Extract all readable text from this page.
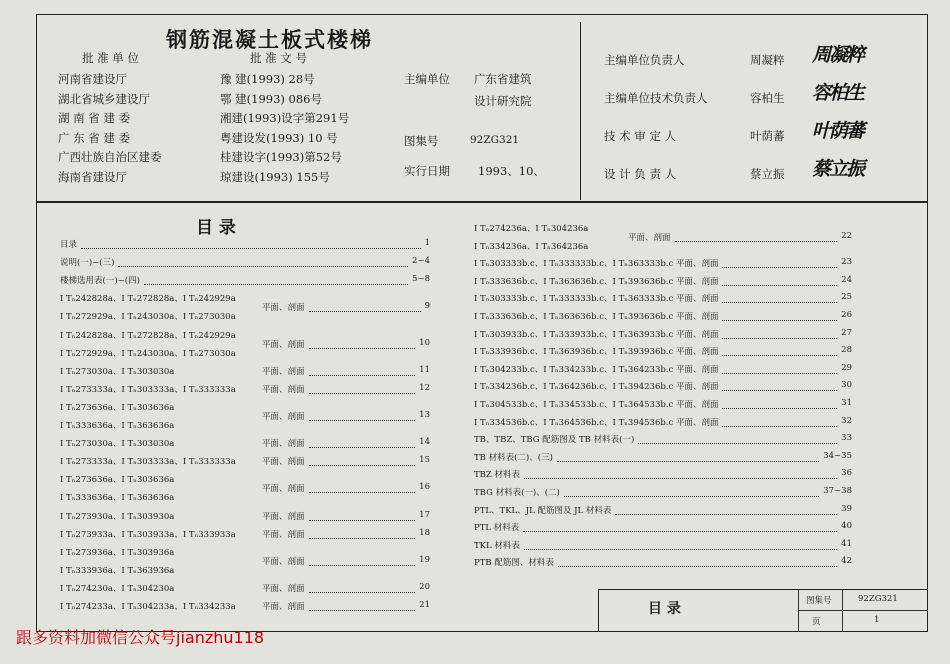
钢筋混凝土板式楼梯
批 准 单 位	批 准 文 号
河南省建设厅	豫 建(1993) 28号
湖北省城乡建设厅	鄂 建(1993) 086号
湖 南 省 建 委	湘建(1993)设字第291号
广 东 省 建 委	粤建设发(1993) 10 号
广西壮族自治区建委	桂建设字(1993)第52号
海南省建设厅	琼建设(1993) 155号
主编单位 广东省建筑
设计研究院
图集号	92ZG321
实行日期 1993、10、
主编单位负责人	周凝粹 周凝粹
主编单位技术负责人	容柏生 容柏生
技 术 审 定 人	叶荫蕃 叶荫蕃
设 计 负 责 人	蔡立振 蔡立振
目 录
目录	1
说明(一)~(三)	2~4
楼梯选用表(一)~(四)	5~8
I Tₙ242828a、I Tₙ272828a、I Tₙ242929a
I Tₙ272929a、I Tₙ243030a、I Tₙ273030a
平面、剖面	9
I Tₙ242828a、I Tₙ272828a、I Tₙ242929a
I Tₙ272929a、I Tₙ243030a、I Tₙ273030a
平面、剖面	10
I Tₙ273030a、I Tₙ303030a	平面、剖面	11
I Tₙ273333a、I Tₙ303333a、I Tₙ333333a	平面、剖面	12
I Tₙ273636a、I Tₙ303636a
I Tₙ333636a、I Tₙ363636a
平面、剖面	13
I Tₙ273030a、I Tₙ303030a	平面、剖面	14
I Tₙ273333a、I Tₙ303333a、I Tₙ333333a	平面、剖面	15
I Tₙ273636a、I Tₙ303636a
I Tₙ333636a、I Tₙ363636a
平面、剖面	16
I Tₙ273930a、I Tₙ303930a	平面、剖面	17
I Tₙ273933a、I Tₙ303933a、I Tₙ333933a	平面、剖面	18
I Tₙ273936a、I Tₙ303936a
I Tₙ333936a、I Tₙ363936a
平面、剖面	19
I Tₙ274230a、I Tₙ304230a	平面、剖面	20
I Tₙ274233a、I Tₙ304233a、I Tₙ334233a	平面、剖面	21
I Tₙ274236a、I Tₙ304236a
I Tₙ334236a、I Tₙ364236a
平面、剖面	22
I Tₙ303333b.c、I Tₙ333333b.c、I Tₙ363333b.c 平面、剖面	23
I Tₙ333636b.c、I Tₙ363636b.c、I Tₙ393636b.c 平面、剖面	24
I Tₙ303333b.c、I Tₙ333333b.c、I Tₙ363333b.c 平面、剖面	25
I Tₙ333636b.c、I Tₙ363636b.c、I Tₙ393636b.c 平面、剖面	26
I Tₙ303933b.c、I Tₙ333933b.c、I Tₙ363933b.c 平面、剖面	27
I Tₙ333936b.c、I Tₙ363936b.c、I Tₙ393936b.c 平面、剖面	28
I Tₙ304233b.c、I Tₙ334233b.c、I Tₙ364233b.c 平面、剖面	29
I Tₙ334236b.c、I Tₙ364236b.c、I Tₙ394236b.c 平面、剖面	30
I Tₙ304533b.c、I Tₙ334533b.c、I Tₙ364533b.c 平面、剖面	31
I Tₙ334536b.c、I Tₙ364536b.c、I Tₙ394536b.c 平面、剖面	32
TB、TBZ、TBG 配筋图及 TB 材料表(一)	33
TB 材料表(二)、(三)	34~35
TBZ 材料表	36
TBG 材料表(一)、(二)	37~38
PTL、TKL、JL 配筋图及 JL 材料表	39
PTL 材料表	40
TKL 材料表	41
PTB 配筋图、材料表	42
目 录	图集号	92ZG321
页	1
跟多资料加微信公众号jianzhu118
